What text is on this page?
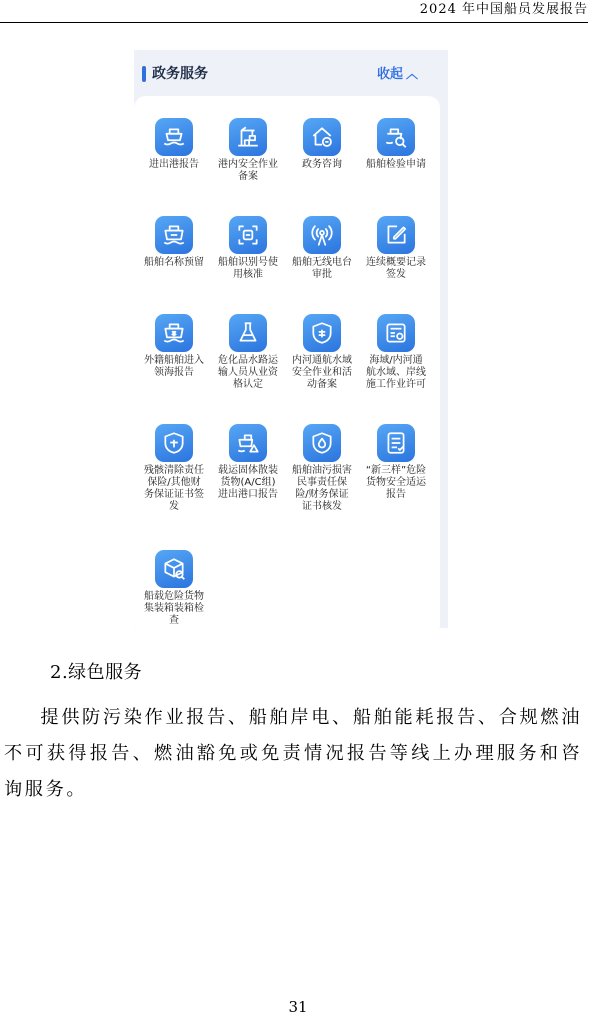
2024 年中国船员发展报告
政务服务	收起 ︿
进出港报告	港内安全作业
备案
政务咨询	船舶检验申请
船舶名称预留	船舶识别号使
用核准
船舶无线电台
审批
连续概要记录
签发
外籍船舶进入
领海报告
危化品水路运
输人员从业资
格认定
内河通航水域
安全作业和活
动备案
海域/内河通
航水域、岸线
施工作业许可
残骸清除责任
保险/其他财
务保证证书签
发
载运固体散装
货物(A/C组)
进出港口报告
船舶油污损害
民事责任保
险/财务保证
证书核发
“新三样”危险
货物安全适运
报告
船载危险货物
集装箱装箱检
查
2.绿色服务
提供防污染作业报告、船舶岸电、船舶能耗报告、合规燃油不可获得报告、燃油豁免或免责情况报告等线上办理服务和咨询服务。
31
